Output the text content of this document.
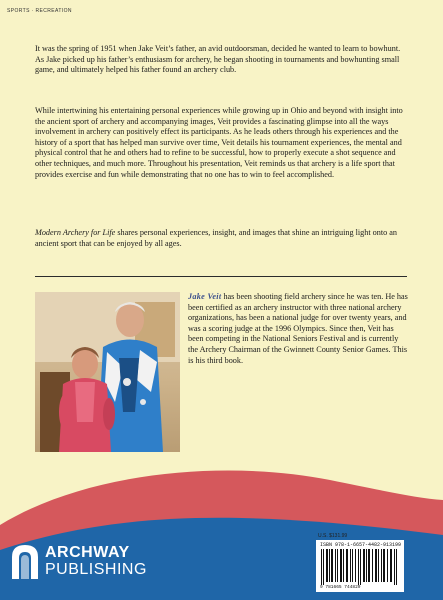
SPORTS · RECREATION

It was the spring of 1951 when Jake Veit’s father, an avid outdoorsman, decided he wanted to learn to bowhunt. As Jake picked up his father’s enthusiasm for archery, he began shooting in tournaments and bowhunting small game, and ultimately helped his father found an archery club.

While intertwining his entertaining personal experiences while growing up in Ohio and beyond with insight into the ancient sport of archery and accompanying images, Veit provides a fascinating glimpse into all the ways involvement in archery can positively effect its participants. As he leads others through his experiences and the history of a sport that has helped man survive over time, Veit details his tournament experiences, the mental and physical control that he and others had to refine to be successful, how to properly execute a shot sequence and other techniques, and much more. Throughout his presentation, Veit reminds us that archery is a life sport that provides exercise and fun while demonstrating that no one has to win to feel accomplished.

Modern Archery for Life shares personal experiences, insight, and images that shine an intriguing light onto an ancient sport that can be enjoyed by all ages.

Jake Veit has been shooting field archery since he was ten. He has been certified as an archery instructor with three national archery organizations, has been a national judge for over twenty years, and was a scoring judge at the 1996 Olympics. Since then, Veit has been competing in the National Seniors Festival and is currently the Archery Chairman of the Gwinnett County Senior Games. This is his third book.

U.S. $131.99
ISBN 978-1-6657-4482-9 13199
9 781665 744829
ARCHWAY
PUBLISHING
